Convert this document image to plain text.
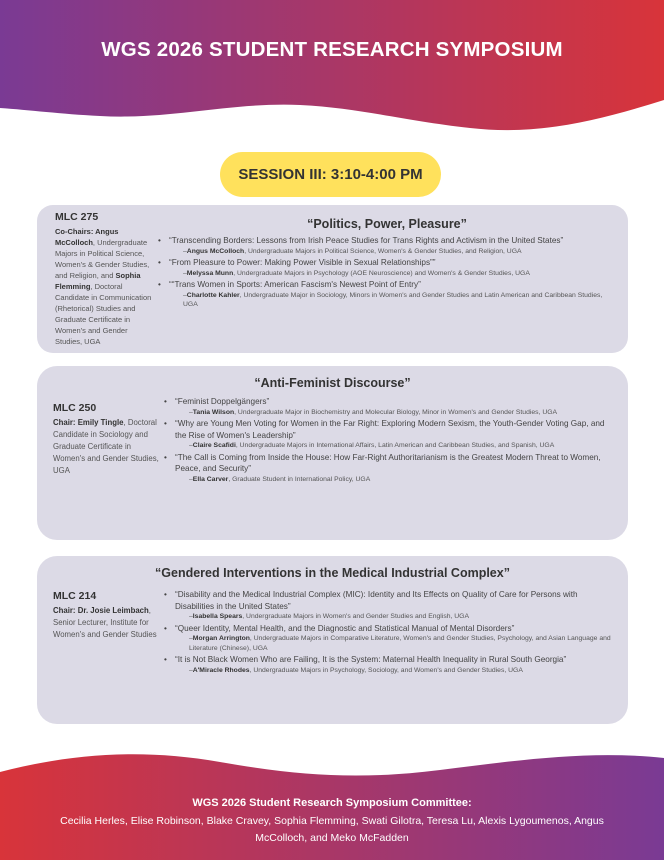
WGS 2026 STUDENT RESEARCH SYMPOSIUM
SESSION III: 3:10-4:00 PM
MLC 275
Co-Chairs: Angus McColloch, Undergraduate Majors in Political Science, Women's & Gender Studies, and Religion, and Sophia Flemming, Doctoral Candidate in Communication (Rhetorical) Studies and Graduate Certificate in Women's and Gender Studies, UGA
“Politics, Power, Pleasure”
• “Transcending Borders: Lessons from Irish Peace Studies for Trans Rights and Activism in the United States”
–Angus McColloch, Undergraduate Majors in Political Science, Women's & Gender Studies, and Religion, UGA
• “From Pleasure to Power: Making Power Visible in Sexual Relationships””
–Melyssa Munn, Undergraduate Majors in Psychology (AOE Neuroscience) and Women's & Gender Studies, UGA
• ““Trans Women in Sports: American Fascism's Newest Point of Entry”
–Charlotte Kahler, Undergraduate Major in Sociology, Minors in Women's and Gender Studies and Latin American and Caribbean Studies, UGA
“Anti-Feminist Discourse”
MLC 250
Chair: Emily Tingle, Doctoral Candidate in Sociology and Graduate Certificate in Women's and Gender Studies, UGA
• “Feminist Doppelgängers”
–Tania Wilson, Undergraduate Major in Biochemistry and Molecular Biology, Minor in Women's and Gender Studies, UGA
• “Why are Young Men Voting for Women in the Far Right: Exploring Modern Sexism, the Youth-Gender Voting Gap, and the Rise of Women's Leadership”
–Claire Scafidi, Undergraduate Majors in International Affairs, Latin American and Caribbean Studies, and Spanish, UGA
• “The Call is Coming from Inside the House: How Far-Right Authoritarianism is the Greatest Modern Threat to Women, Peace, and Security”
–Ella Carver, Graduate Student in International Policy, UGA
“Gendered Interventions in the Medical Industrial Complex”
MLC 214
Chair: Dr. Josie Leimbach, Senior Lecturer, Institute for Women's and Gender Studies
• “Disability and the Medical Industrial Complex (MIC): Identity and Its Effects on Quality of Care for Persons with Disabilities in the United States”
–Isabella Spears, Undergraduate Majors in Women's and Gender Studies and English, UGA
• “Queer Identity, Mental Health, and the Diagnostic and Statistical Manual of Mental Disorders”
–Morgan Arrington, Undergraduate Majors in Comparative Literature, Women's and Gender Studies, Psychology, and Asian Language and Literature (Chinese), UGA
• “It is Not Black Women Who are Failing, It is the System: Maternal Health Inequality in Rural South Georgia”
–A'Miracle Rhodes, Undergraduate Majors in Psychology, Sociology, and Women's and Gender Studies, UGA
WGS 2026 Student Research Symposium Committee:
Cecilia Herles, Elise Robinson, Blake Cravey, Sophia Flemming, Swati Gilotra, Teresa Lu, Alexis Lygoumenos, Angus McColloch, and Meko McFadden
